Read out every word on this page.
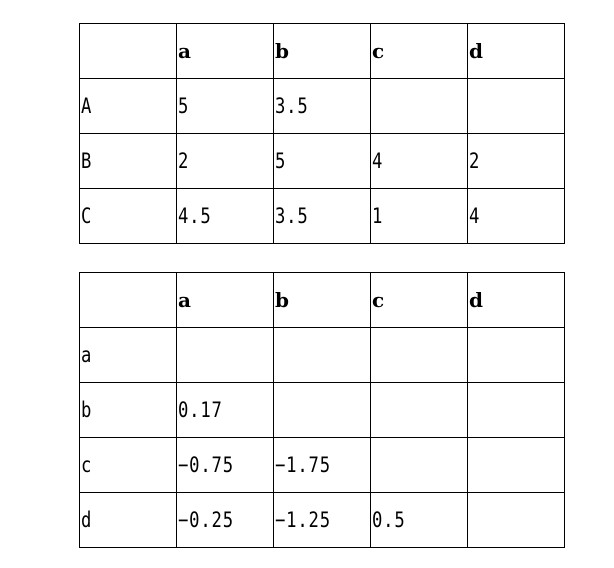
	a	b	c	d
A	5	3.5		
B	2	5	4	2
C	4.5	3.5	1	4
	a	b	c	d
a				
b	0.17			
c	−0.75	−1.75		
d	−0.25	−1.25	0.5	
